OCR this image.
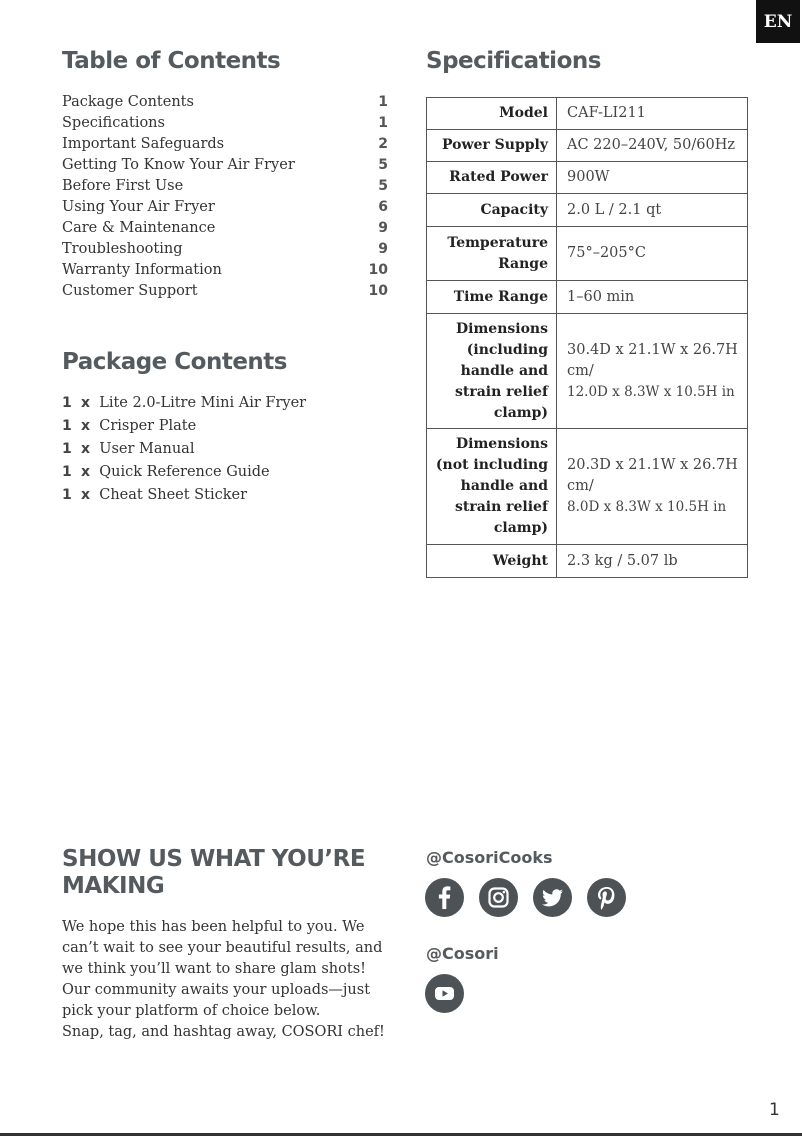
EN
Table of Contents
Package Contents	1
Specifications	1
Important Safeguards	2
Getting To Know Your Air Fryer	5
Before First Use	5
Using Your Air Fryer	6
Care & Maintenance	9
Troubleshooting	9
Warranty Information	10
Customer Support	10
Package Contents
1 x Lite 2.0-Litre Mini Air Fryer
1 x Crisper Plate
1 x User Manual
1 x Quick Reference Guide
1 x Cheat Sheet Sticker
Specifications
Model	CAF-LI211
Power Supply	AC 220–240V, 50/60Hz
Rated Power	900W
Capacity	2.0 L / 2.1 qt
Temperature Range	75°–205°C
Time Range	1–60 min
Dimensions (including handle and strain relief clamp)	30.4D x 21.1W x 26.7H cm/
12.0D x 8.3W x 10.5H in
Dimensions (not including handle and strain relief clamp)	20.3D x 21.1W x 26.7H cm/
8.0D x 8.3W x 10.5H in
Weight	2.3 kg / 5.07 lb
SHOW US WHAT YOU’RE MAKING
We hope this has been helpful to you. We can’t wait to see your beautiful results, and we think you’ll want to share glam shots! Our community awaits your uploads—just pick your platform of choice below.
Snap, tag, and hashtag away, COSORI chef!
@CosoriCooks
@Cosori
1
